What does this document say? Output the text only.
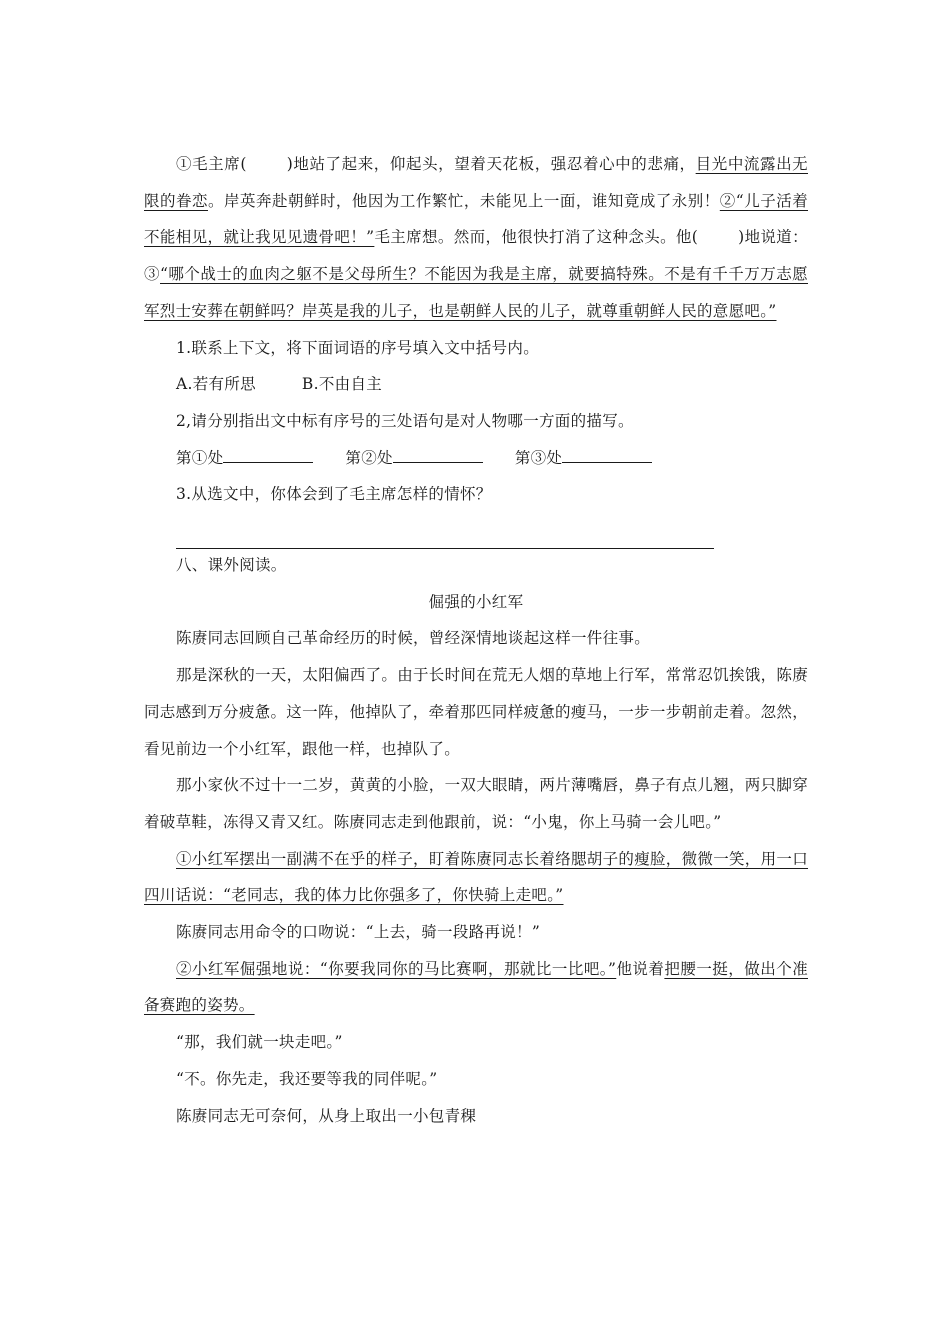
①毛主席(	)地站了起来，仰起头，望着天花板，强忍着心中的悲痛，目光中流露出无限的眷恋。岸英奔赴朝鲜时，他因为工作繁忙，未能见上一面，谁知竟成了永别！②“儿子活着不能相见，就让我见见遗骨吧！”毛主席想。然而，他很快打消了这种念头。他(	)地说道：③“哪个战士的血肉之躯不是父母所生？不能因为我是主席，就要搞特殊。不是有千千万万志愿军烈士安葬在朝鲜吗？岸英是我的儿子，也是朝鲜人民的儿子，就尊重朝鲜人民的意愿吧。”

1.联系上下文，将下面词语的序号填入文中括号内。

A.若有所思	B.不由自主

2,请分别指出文中标有序号的三处语句是对人物哪一方面的描写。

第①处	第②处	第③处

3.从选文中，你体会到了毛主席怎样的情怀？

八、课外阅读。

倔强的小红军

陈赓同志回顾自己革命经历的时候，曾经深情地谈起这样一件往事。

那是深秋的一天，太阳偏西了。由于长时间在荒无人烟的草地上行军，常常忍饥挨饿，陈赓同志感到万分疲惫。这一阵，他掉队了，牵着那匹同样疲惫的瘦马，一步一步朝前走着。忽然，看见前边一个小红军，跟他一样，也掉队了。

那小家伙不过十一二岁，黄黄的小脸，一双大眼睛，两片薄嘴唇，鼻子有点儿翘，两只脚穿着破草鞋，冻得又青又红。陈赓同志走到他跟前，说：“小鬼，你上马骑一会儿吧。”

①小红军摆出一副满不在乎的样子，盯着陈赓同志长着络腮胡子的瘦脸，微微一笑，用一口四川话说：“老同志，我的体力比你强多了，你快骑上走吧。”

陈赓同志用命令的口吻说：“上去，骑一段路再说！”

②小红军倔强地说：“你要我同你的马比赛啊，那就比一比吧。”他说着把腰一挺，做出个准备赛跑的姿势。

“那，我们就一块走吧。”

“不。你先走，我还要等我的同伴呢。”

陈赓同志无可奈何，从身上取出一小包青稞
